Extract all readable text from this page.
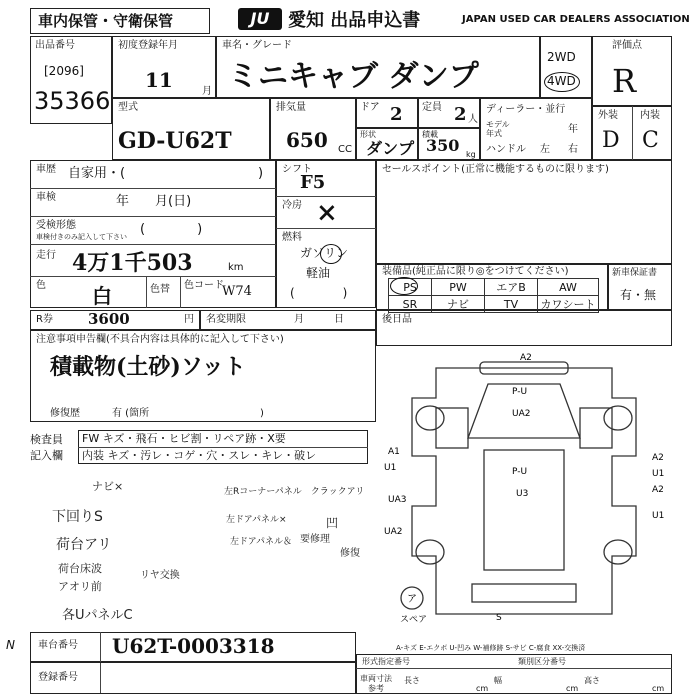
車内保管・守衛保管	JU	愛知 出品申込書	JAPAN USED CAR DEALERS ASSOCIATION
出品番号
[2096]
35366
初度登録年月
11	月
車名・グレード
ミニキャブ ダンプ
2WD
4WD
評価点
R
型式
GD-U62T
排気量
650 CC
ドア 2 定員 2 人
形状
ダンプ
積載
350 kg
ディーラー・並行
モデル年式	年
ハンドル 左 右
外装 内装
D C
車歴 自家用・(	)
車検	年　　月(日)
受検形態
車検付きのみ記入して下さい (　　　　)
走行 4万1千503	km
色 白	色替 色コード
W74
シフト
F5
冷房 ×
燃料
ガソリン
軽油
(　　　　)
セールスポイント(正常に機能するものに限ります)
装備品(純正品に限り◎をつけてください)
PS	PW	エアB	AW
SR	ナビ	TV	カワシート
新車保証書
有・無
R券 3600	円 名変期限	月　　　日	後日品
注意事項申告欄(不具合内容は具体的に記入して下さい)
積載物(土砂)ソット
修復歴	有 (箇所	)
検査員
記入欄
FW キズ・飛石・ヒビ割・リペア跡・X要
内装 キズ・汚レ・コゲ・穴・スレ・キレ・破レ
ナビ×
下回りS
荷台アリ
荷台床波
アオリ前
各UパネルC
左Rコーナーパネル　クラックアリ
左ドアパネル×
左ドアパネル＆
リヤ交換
凹
要修理
修復
A2
P-U
UA2
A1
U1
UA3
P-U
U3
UA2
A2
U1
A2
U1
S
ア
スペア
A-キズ E-エクボ U-凹み W-補修跡 S-サビ C-腐食 XX-交換済
N 車台番号 U62T-0003318
登録番号
形式指定番号	類別区分番号
車両寸法
参考
長さ
cm
幅
cm
高さ
cm
